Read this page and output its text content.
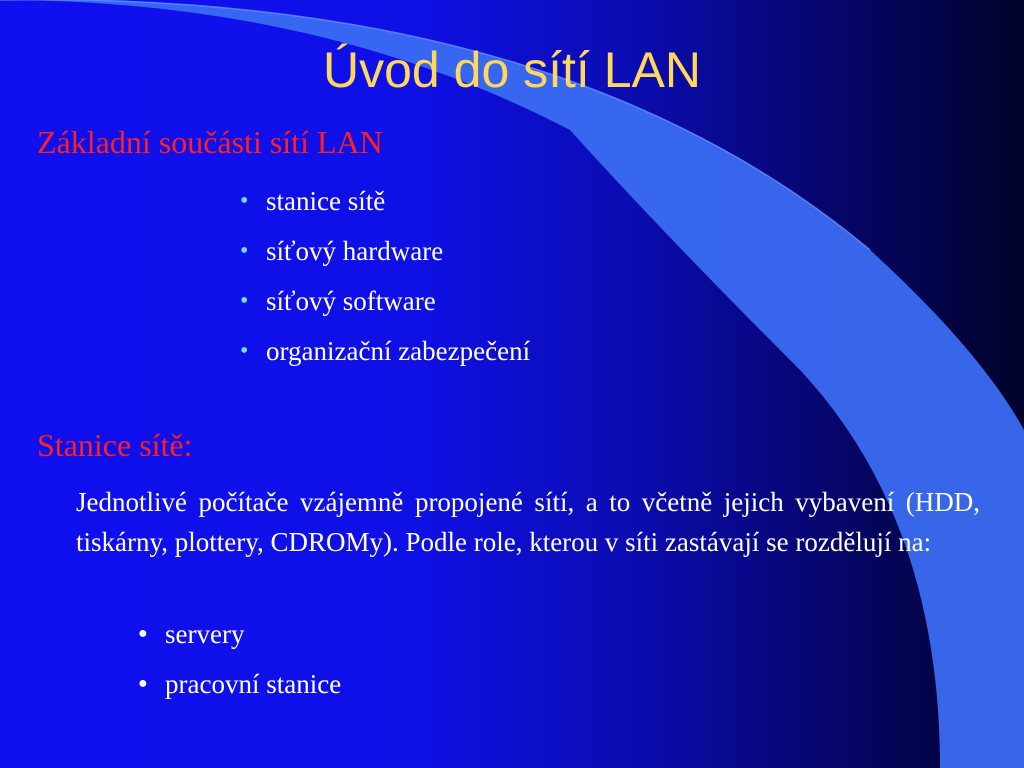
Úvod do sítí LAN
Základní součásti sítí LAN
• stanice sítě
• síťový hardware
• síťový software
• organizační zabezpečení
Stanice sítě:

Jednotlivé počítače vzájemně propojené sítí, a to včetně jejich vybavení (HDD, tiskárny, plottery, CDROMy). Podle role, kterou v síti zastávají se rozdělují na:

● servery
● pracovní stanice
